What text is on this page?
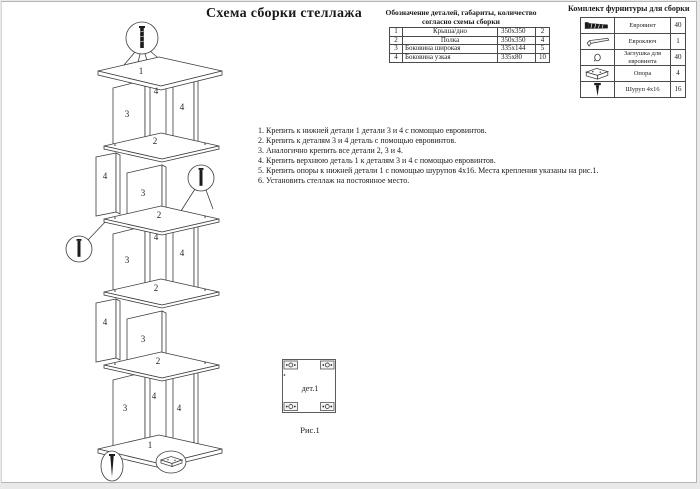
Схема сборки стеллажа	Обозначение деталей, габариты, количество
согласно схемы сборки
1	Крыша/дно	350x350	2
2	Полка	350x350	4
3	Боковина широкая	335x144	5
4	Боковина узкая	335x80	10
Комплект фурнитуры для сборки
	Евровинт	40

	Евроключ	1

	Заглушка для евровинта	40

	Опора	4

	Шуруп 4x16	16
1. Крепить к нижней детали 1 детали 3 и 4 с помощью евровинтов.
2. Крепить к деталям 3 и 4 деталь с помощью евровинтов.
3. Аналогично крепить все детали 2, 3 и 4.
4. Крепить верхнюю деталь 1 к деталям 3 и 4 с помощью евровинтов.
5. Крепить опоры к нижней детали 1 с помощью шурупов 4x16. Места крепления указаны на рис.1.
6. Установить стеллаж на постоянное место.
1
4
3
4
2
4
3
2
4
3
4
2
4
3
2
4
3	4
1
дет.1
Рис.1
